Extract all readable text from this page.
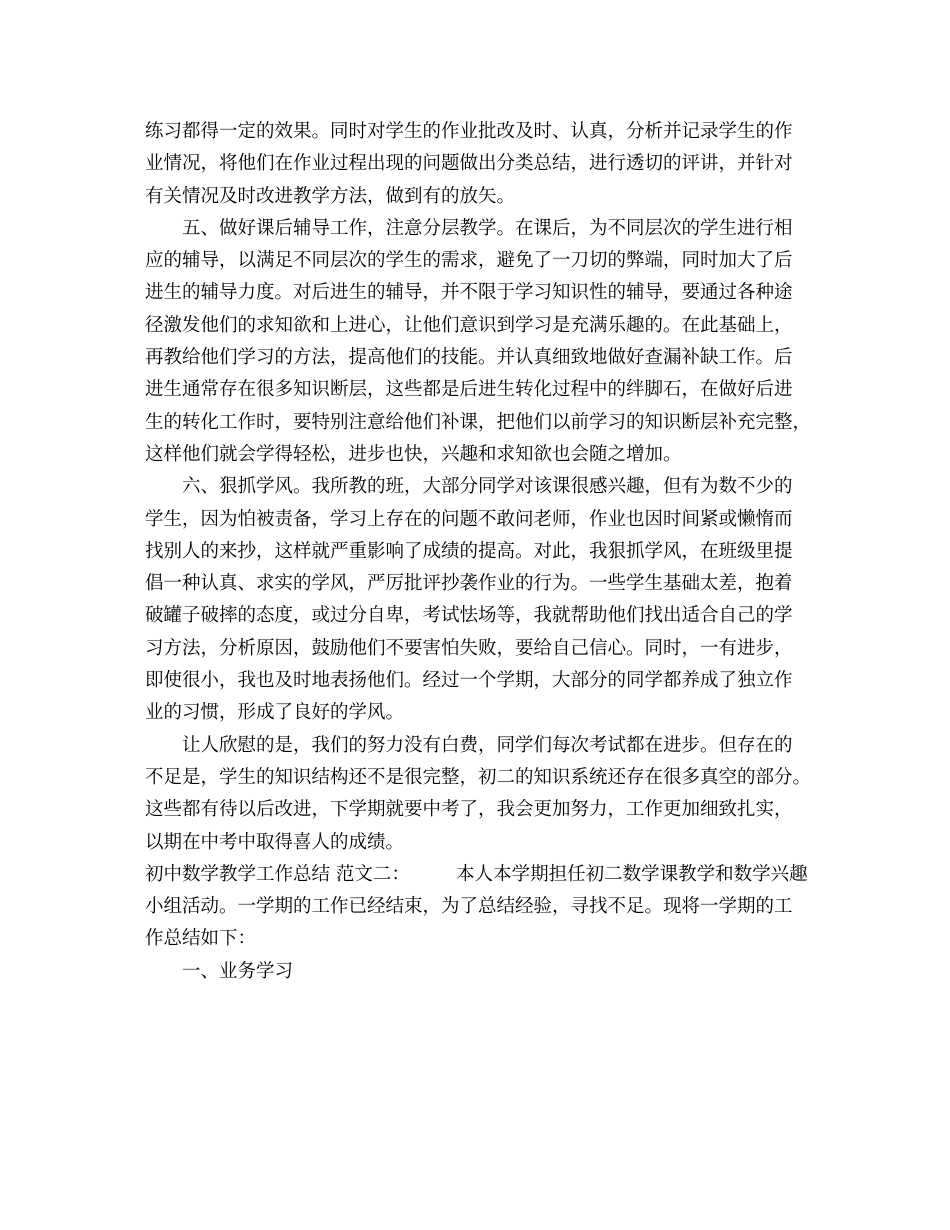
练习都得一定的效果。同时对学生的作业批改及时、认真，分析并记录学生的作
业情况，将他们在作业过程出现的问题做出分类总结，进行透切的评讲，并针对
有关情况及时改进教学方法，做到有的放矢。
五、做好课后辅导工作，注意分层教学。在课后，为不同层次的学生进行相
应的辅导，以满足不同层次的学生的需求，避免了一刀切的弊端，同时加大了后
进生的辅导力度。对后进生的辅导，并不限于学习知识性的辅导，要通过各种途
径激发他们的求知欲和上进心，让他们意识到学习是充满乐趣的。在此基础上，
再教给他们学习的方法，提高他们的技能。并认真细致地做好查漏补缺工作。后
进生通常存在很多知识断层，这些都是后进生转化过程中的绊脚石，在做好后进
生的转化工作时，要特别注意给他们补课，把他们以前学习的知识断层补充完整，
这样他们就会学得轻松，进步也快，兴趣和求知欲也会随之增加。
六、狠抓学风。我所教的班，大部分同学对该课很感兴趣，但有为数不少的
学生，因为怕被责备，学习上存在的问题不敢问老师，作业也因时间紧或懒惰而
找别人的来抄，这样就严重影响了成绩的提高。对此，我狠抓学风，在班级里提
倡一种认真、求实的学风，严厉批评抄袭作业的行为。一些学生基础太差，抱着
破罐子破摔的态度，或过分自卑，考试怯场等，我就帮助他们找出适合自己的学
习方法，分析原因，鼓励他们不要害怕失败，要给自己信心。同时，一有进步，
即使很小，我也及时地表扬他们。经过一个学期，大部分的同学都养成了独立作
业的习惯，形成了良好的学风。
让人欣慰的是，我们的努力没有白费，同学们每次考试都在进步。但存在的
不足是，学生的知识结构还不是很完整，初二的知识系统还存在很多真空的部分。
这些都有待以后改进，下学期就要中考了，我会更加努力，工作更加细致扎实，
以期在中考中取得喜人的成绩。
初中数学教学工作总结 范文二：　　　本人本学期担任初二数学课教学和数学兴趣
小组活动。一学期的工作已经结束，为了总结经验，寻找不足。现将一学期的工
作总结如下：
一、业务学习
